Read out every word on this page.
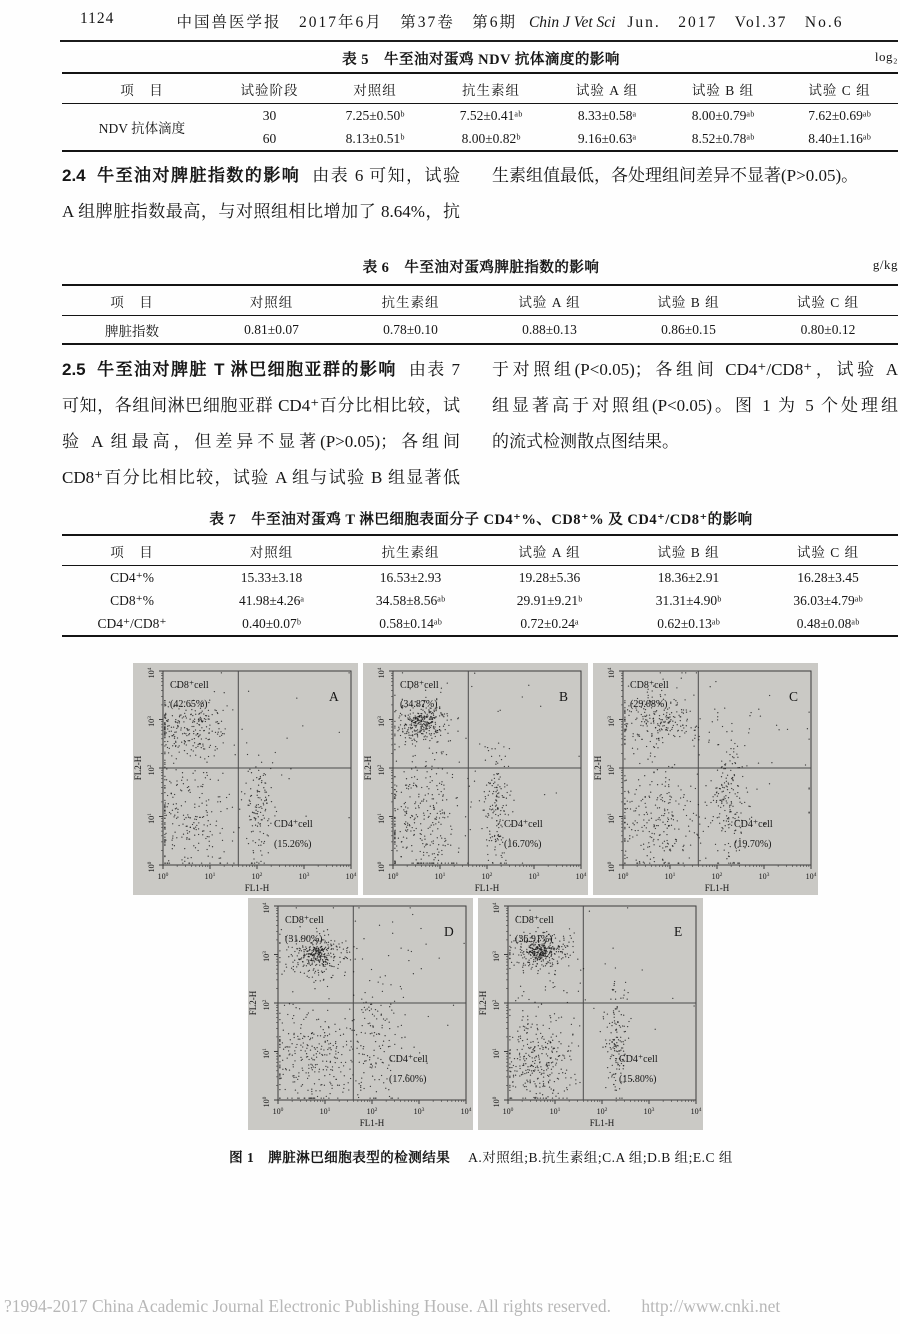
1124	中国兽医学报　2017年6月　第37卷　第6期 Chin J Vet Sci Jun.　2017　Vol.37　No.6
表 5　牛至油对蛋鸡 NDV 抗体滴度的影响	log₂
项　目	试验阶段	对照组	抗生素组	试验 A 组	试验 B 组	试验 C 组
NDV 抗体滴度	30	7.25±0.50ᵇ	7.52±0.41ᵃᵇ	8.33±0.58ᵃ	8.00±0.79ᵃᵇ	7.62±0.69ᵃᵇ
	60	8.13±0.51ᵇ	8.00±0.82ᵇ	9.16±0.63ᵃ	8.52±0.78ᵃᵇ	8.40±1.16ᵃᵇ
2.4 牛至油对脾脏指数的影响 由表 6 可知，试验
A 组脾脏指数最高，与对照组相比增加了 8.64%，抗
生素组值最低，各处理组间差异不显著(P>0.05)。
表 6　牛至油对蛋鸡脾脏指数的影响	g/kg
项　目	对照组	抗生素组	试验 A 组	试验 B 组	试验 C 组
脾脏指数	0.81±0.07	0.78±0.10	0.88±0.13	0.86±0.15	0.80±0.12
2.5 牛至油对脾脏 T 淋巴细胞亚群的影响 由表 7
可知，各组间淋巴细胞亚群 CD4⁺百分比相比较，试
验 A 组最高，但差异不显著(P>0.05)；各组间
CD8⁺百分比相比较，试验 A 组与试验 B 组显著低
于对照组(P<0.05)；各组间 CD4⁺/CD8⁺，试验 A
组显著高于对照组(P<0.05)。图 1 为 5 个处理组
的流式检测散点图结果。
表 7　牛至油对蛋鸡 T 淋巴细胞表面分子 CD4⁺%、CD8⁺% 及 CD4⁺/CD8⁺的影响
项　目	对照组	抗生素组	试验 A 组	试验 B 组	试验 C 组
CD4⁺%	15.33±3.18	16.53±2.93	19.28±5.36	18.36±2.91	16.28±3.45
CD8⁺%	41.98±4.26ᵃ	34.58±8.56ᵃᵇ	29.91±9.21ᵇ	31.31±4.90ᵇ	36.03±4.79ᵃᵇ
CD4⁺/CD8⁺	0.40±0.07ᵇ	0.58±0.14ᵃᵇ	0.72±0.24ᵃ	0.62±0.13ᵃᵇ	0.48±0.08ᵃᵇ
$10^0$
$10^0$
$10^1$
$10^1$
$10^2$
$10^2$
$10^3$
$10^3$
$10^4$
$10^4$
CD8⁺cell
(42.65%)
A
CD4⁺cell
(15.26%)
FL1-H
FL2-H
$10^0$
$10^0$
$10^1$
$10^1$
$10^2$
$10^2$
$10^3$
$10^3$
$10^4$
$10^4$
CD8⁺cell
(34.87%)
B
CD4⁺cell
(16.70%)
FL1-H
FL2-H
$10^0$
$10^0$
$10^1$
$10^1$
$10^2$
$10^2$
$10^3$
$10^3$
$10^4$
$10^4$
CD8⁺cell
(29.08%)
C
CD4⁺cell
(19.70%)
FL1-H
FL2-H
$10^0$
$10^0$
$10^1$
$10^1$
$10^2$
$10^2$
$10^3$
$10^3$
$10^4$
$10^4$
CD8⁺cell
(31.90%)
D
CD4⁺cell
(17.60%)
FL1-H
FL2-H
$10^0$
$10^0$
$10^1$
$10^1$
$10^2$
$10^2$
$10^3$
$10^3$
$10^4$
$10^4$
CD8⁺cell
(36.91%)
E
CD4⁺cell
(15.80%)
FL1-H
FL2-H
图 1　脾脏淋巴细胞表型的检测结果 A.对照组;B.抗生素组;C.A 组;D.B 组;E.C 组
?1994-2017 China Academic Journal Electronic Publishing House. All rights reserved. http://www.cnki.net
